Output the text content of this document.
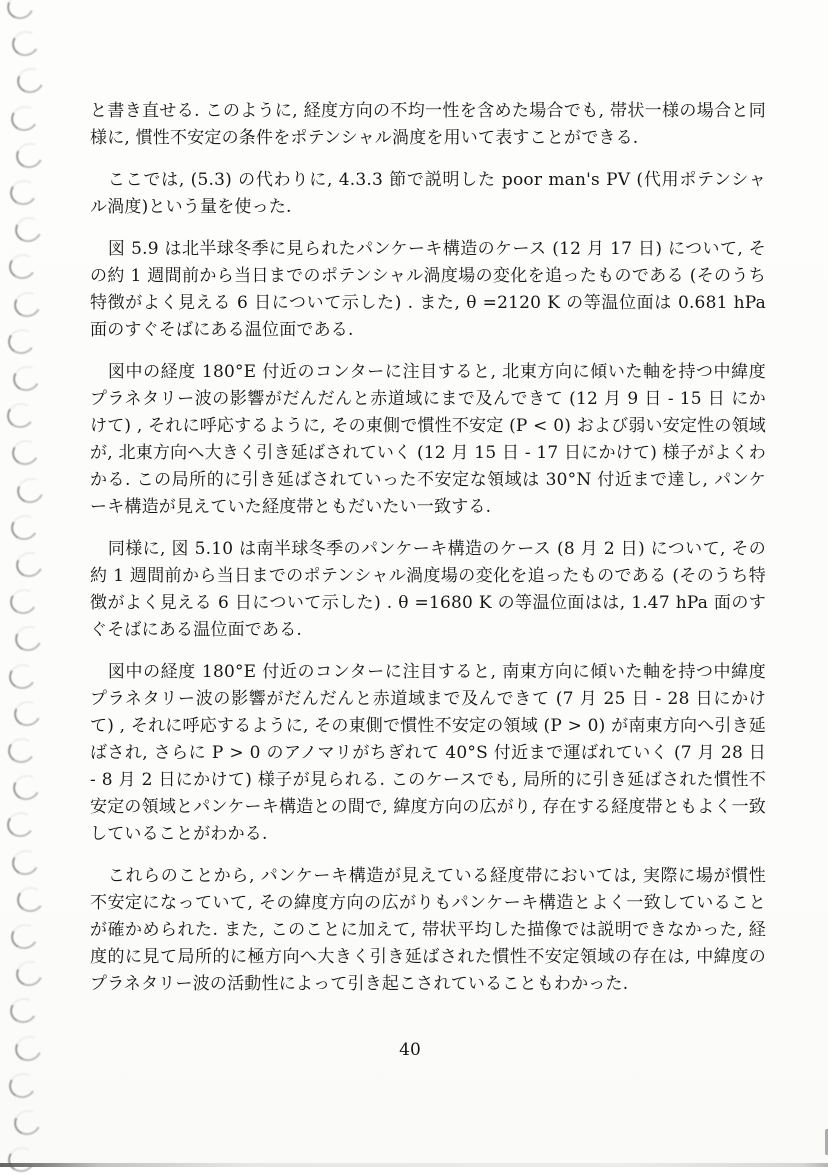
と書き直せる. このように, 経度方向の不均一性を含めた場合でも, 帯状一様の場合と同様に, 慣性不安定の条件をポテンシャル渦度を用いて表すことができる.

ここでは, (5.3) の代わりに, 4.3.3 節で説明した poor man's PV (代用ポテンシャル渦度)という量を使った.

図 5.9 は北半球冬季に見られたパンケーキ構造のケース (12 月 17 日) について, その約 1 週間前から当日までのポテンシャル渦度場の変化を追ったものである (そのうち特徴がよく見える 6 日について示した) . また, θ =2120 K の等温位面は 0.681 hPa 面のすぐそばにある温位面である.

図中の経度 180°E 付近のコンターに注目すると, 北東方向に傾いた軸を持つ中緯度プラネタリー波の影響がだんだんと赤道域にまで及んできて (12 月 9 日 - 15 日 にかけて) , それに呼応するように, その東側で慣性不安定 (P < 0) および弱い安定性の領域が, 北東方向へ大きく引き延ばされていく (12 月 15 日 - 17 日にかけて) 様子がよくわかる. この局所的に引き延ばされていった不安定な領域は 30°N 付近まで達し, パンケーキ構造が見えていた経度帯ともだいたい一致する.

同様に, 図 5.10 は南半球冬季のパンケーキ構造のケース (8 月 2 日) について, その約 1 週間前から当日までのポテンシャル渦度場の変化を追ったものである (そのうち特徴がよく見える 6 日について示した) . θ =1680 K の等温位面はは, 1.47 hPa 面のすぐそばにある温位面である.

図中の経度 180°E 付近のコンターに注目すると, 南東方向に傾いた軸を持つ中緯度プラネタリー波の影響がだんだんと赤道域まで及んできて (7 月 25 日 - 28 日にかけて) , それに呼応するように, その東側で慣性不安定の領域 (P > 0) が南東方向へ引き延ばされ, さらに P > 0 のアノマリがちぎれて 40°S 付近まで運ばれていく (7 月 28 日 - 8 月 2 日にかけて) 様子が見られる. このケースでも, 局所的に引き延ばされた慣性不安定の領域とパンケーキ構造との間で, 緯度方向の広がり, 存在する経度帯ともよく一致していることがわかる.

これらのことから, パンケーキ構造が見えている経度帯においては, 実際に場が慣性不安定になっていて, その緯度方向の広がりもパンケーキ構造とよく一致していることが確かめられた. また, このことに加えて, 帯状平均した描像では説明できなかった, 経度的に見て局所的に極方向へ大きく引き延ばされた慣性不安定領域の存在は, 中緯度のプラネタリー波の活動性によって引き起こされていることもわかった.

40
